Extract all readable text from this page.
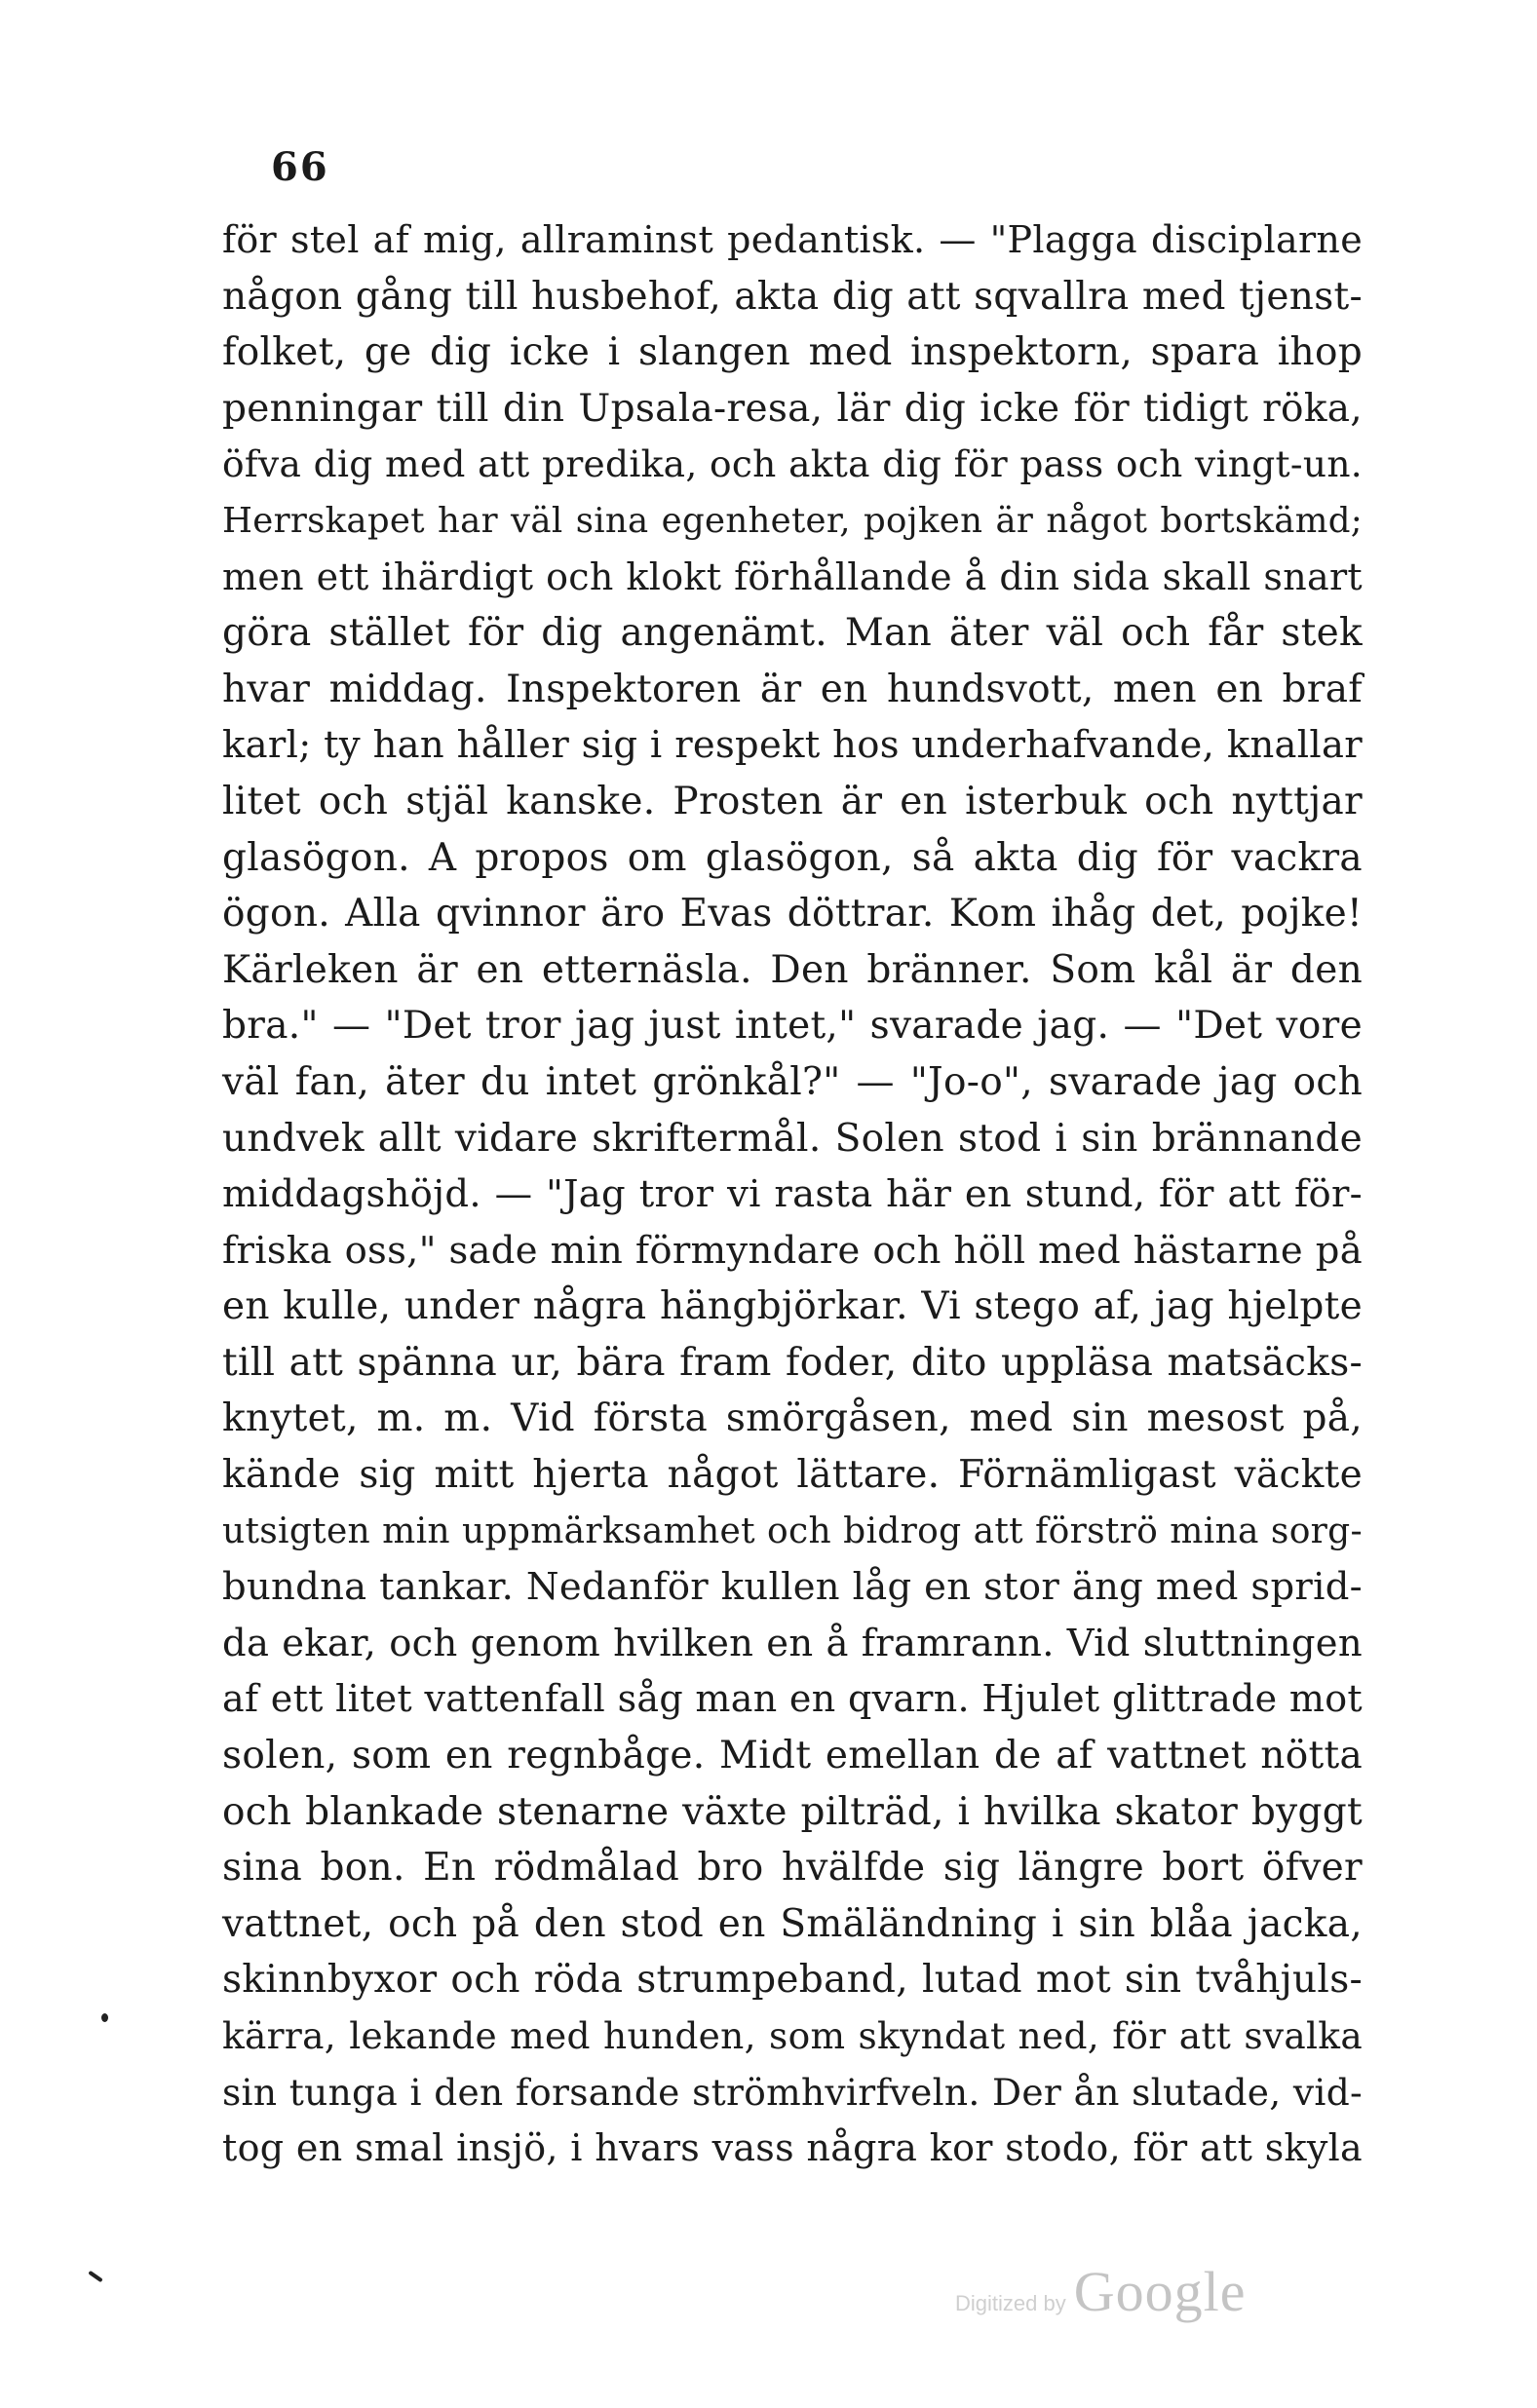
66
för stel af mig, allraminst pedantisk. — "Plagga disciplarne
någon gång till husbehof, akta dig att sqvallra med tjenst-
folket, ge dig icke i slangen med inspektorn, spara ihop
penningar till din Upsala-resa, lär dig icke för tidigt röka,
öfva dig med att predika, och akta dig för pass och vingt-un.
Herrskapet har väl sina egenheter, pojken är något bortskämd;
men ett ihärdigt och klokt förhållande å din sida skall snart
göra stället för dig angenämt. Man äter väl och får stek
hvar middag. Inspektoren är en hundsvott, men en braf
karl; ty han håller sig i respekt hos underhafvande, knallar
litet och stjäl kanske. Prosten är en isterbuk och nyttjar
glasögon. A propos om glasögon, så akta dig för vackra
ögon. Alla qvinnor äro Evas döttrar. Kom ihåg det, pojke!
Kärleken är en etternäsla. Den bränner. Som kål är den
bra." — "Det tror jag just intet," svarade jag. — "Det vore
väl fan, äter du intet grönkål?" — "Jo-o", svarade jag och
undvek allt vidare skriftermål. Solen stod i sin brännande
middagshöjd. — "Jag tror vi rasta här en stund, för att för-
friska oss," sade min förmyndare och höll med hästarne på
en kulle, under några hängbjörkar. Vi stego af, jag hjelpte
till att spänna ur, bära fram foder, dito uppläsa matsäcks-
knytet, m. m. Vid första smörgåsen, med sin mesost på,
kände sig mitt hjerta något lättare. Förnämligast väckte
utsigten min uppmärksamhet och bidrog att förströ mina sorg-
bundna tankar. Nedanför kullen låg en stor äng med sprid-
da ekar, och genom hvilken en å framrann. Vid sluttningen
af ett litet vattenfall såg man en qvarn. Hjulet glittrade mot
solen, som en regnbåge. Midt emellan de af vattnet nötta
och blankade stenarne växte pilträd, i hvilka skator byggt
sina bon. En rödmålad bro hvälfde sig längre bort öfver
vattnet, och på den stod en Smäländning i sin blåa jacka,
skinnbyxor och röda strumpeband, lutad mot sin tvåhjuls-
kärra, lekande med hunden, som skyndat ned, för att svalka
sin tunga i den forsande strömhvirfveln. Der ån slutade, vid-
tog en smal insjö, i hvars vass några kor stodo, för att skyla
Digitized by Google
